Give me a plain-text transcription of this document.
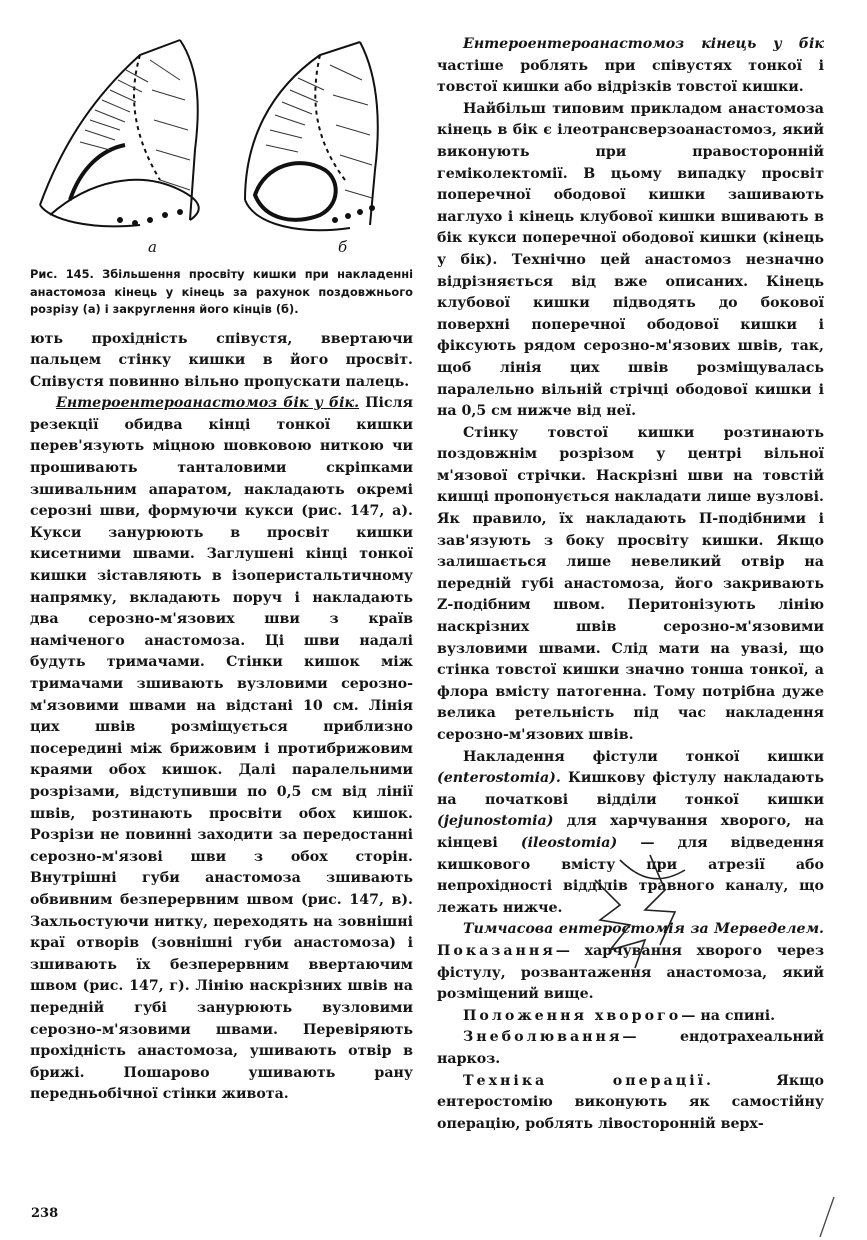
а	б
Рис. 145. Збільшення просвіту кишки при накладенні анастомоза кінець у кінець за рахунок поздовжнього розрізу (а) і закруглення його кінців (б).

ють прохідність співустя, ввертаючи пальцем стінку кишки в його просвіт. Співустя повинно вільно пропускати палець.

Ентероентероанастомоз бік у бік. Після резекції обидва кінці тонкої кишки перев'язують міцною шовковою ниткою чи прошивають танталовими скріпками зшивальним апаратом, накладають окремі серозні шви, формуючи кукси (рис. 147, а). Кукси занурюють в просвіт кишки кисетними швами. Заглушені кінці тонкої кишки зіставляють в ізоперистальтичному напрямку, вкладають поруч і накладають два серозно-м'язових шви з країв наміченого анастомоза. Ці шви надалі будуть тримачами. Стінки кишок між тримачами зшивають вузловими серозно-м'язовими швами на відстані 10 см. Лінія цих швів розміщується приблизно посередині між брижовим і протибрижовим краями обох кишок. Далі паралельними розрізами, відступивши по 0,5 см від лінії швів, розтинають просвіти обох кишок. Розрізи не повинні заходити за передостанні серозно-м'язові шви з обох сторін. Внутрішні губи анастомоза зшивають обвивним безперервним швом (рис. 147, в). Захльостуючи нитку, переходять на зовнішні краї отворів (зовнішні губи анастомоза) і зшивають їх безперервним ввертаючим швом (рис. 147, г). Лінію наскрізних швів на передній губі занурюють вузловими серозно-м'язовими швами. Перевіряють прохідність анастомоза, ушивають отвір в брижі. Пошарово ушивають рану передньобічної стінки живота.

Ентероентероанастомоз кінець у бік частіше роблять при співустях тонкої і товстої кишки або відрізків товстої кишки.

Найбільш типовим прикладом анастомоза кінець в бік є ілеотрансверзоанастомоз, який виконують при правосторонній геміколектомії. В цьому випадку просвіт поперечної ободової кишки зашивають наглухо і кінець клубової кишки вшивають в бік кукси поперечної ободової кишки (кінець у бік). Технічно цей анастомоз незначно відрізняється від вже описаних. Кінець клубової кишки підводять до бокової поверхні поперечної ободової кишки і фіксують рядом серозно-м'язових швів, так, щоб лінія цих швів розміщувалась паралельно вільній стрічці ободової кишки і на 0,5 см нижче від неї.

Стінку товстої кишки розтинають поздовжнім розрізом у центрі вільної м'язової стрічки. Наскрізні шви на товстій кишці пропонується накладати лише вузлові. Як правило, їх накладають П-подібними і зав'язують з боку просвіту кишки. Якщо залишається лише невеликий отвір на передній губі анастомоза, його закривають Z-подібним швом. Перитонізують лінію наскрізних швів серозно-м'язовими вузловими швами. Слід мати на увазі, що стінка товстої кишки значно тонша тонкої, а флора вмісту патогенна. Тому потрібна дуже велика ретельність під час накладення серозно-м'язових швів.

Накладення фістули тонкої кишки (enterostomia). Кишкову фістулу накладають на початкові відділи тонкої кишки (jejunostomia) для харчування хворого, на кінцеві (ileostomia) — для відведення кишкового вмісту при атрезії або непрохідності відділів травного каналу, що лежать нижче.

Тимчасова ентеростомія за Мерведелем. Показання— харчування хворого через фістулу, розвантаження анастомоза, який розміщений вище.

Положення хворого— на спині.

Знеболювання— ендотрахеальний наркоз.

Техніка операції.	Якщо ентеростомію виконують як самостійну операцію, роблять лівосторонній верх-

238
